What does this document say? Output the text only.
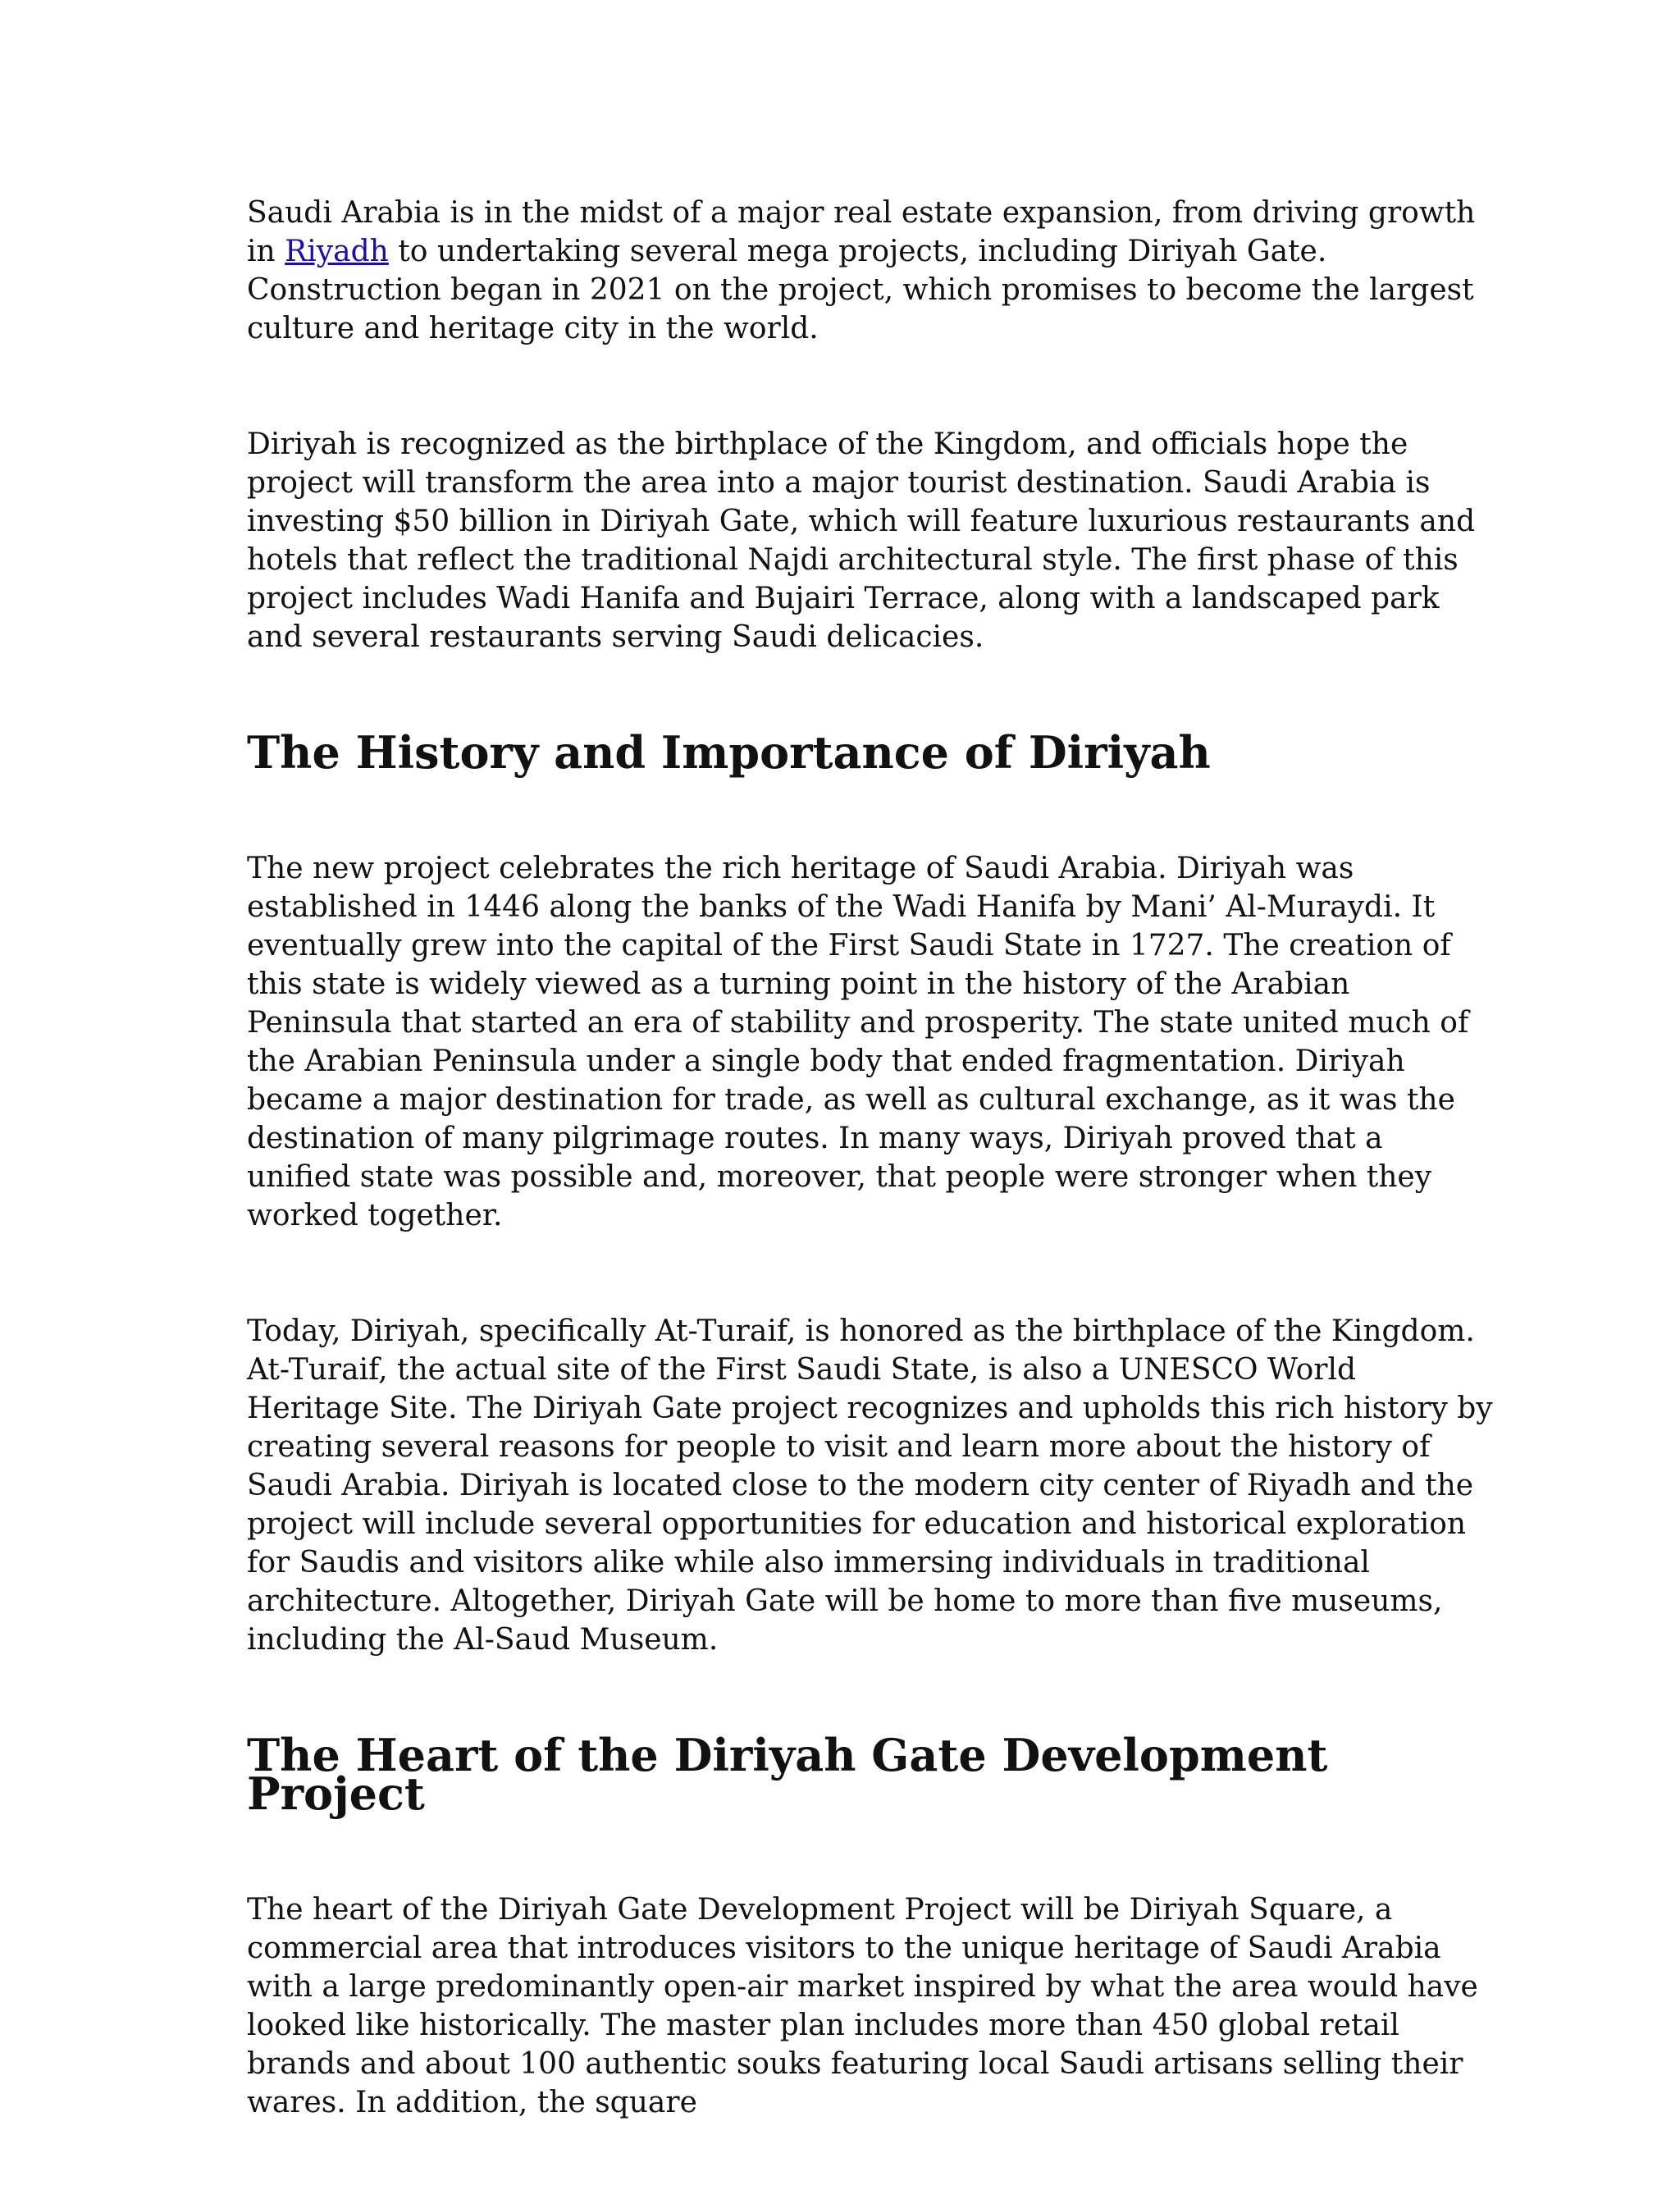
Saudi Arabia is in the midst of a major real estate expansion, from driving growth in Riyadh to undertaking several mega projects, including Diriyah Gate. Construction began in 2021 on the project, which promises to become the largest culture and heritage city in the world.

Diriyah is recognized as the birthplace of the Kingdom, and officials hope the project will transform the area into a major tourist destination. Saudi Arabia is investing $50 billion in Diriyah Gate, which will feature luxurious restaurants and hotels that reflect the traditional Najdi architectural style. The first phase of this project includes Wadi Hanifa and Bujairi Terrace, along with a landscaped park and several restaurants serving Saudi delicacies.

The History and Importance of Diriyah

The new project celebrates the rich heritage of Saudi Arabia. Diriyah was established in 1446 along the banks of the Wadi Hanifa by Mani’ Al-Muraydi. It eventually grew into the capital of the First Saudi State in 1727. The creation of this state is widely viewed as a turning point in the history of the Arabian Peninsula that started an era of stability and prosperity. The state united much of the Arabian Peninsula under a single body that ended fragmentation. Diriyah became a major destination for trade, as well as cultural exchange, as it was the destination of many pilgrimage routes. In many ways, Diriyah proved that a unified state was possible and, moreover, that people were stronger when they worked together.

Today, Diriyah, specifically At-Turaif, is honored as the birthplace of the Kingdom. At-Turaif, the actual site of the First Saudi State, is also a UNESCO World Heritage Site. The Diriyah Gate project recognizes and upholds this rich history by creating several reasons for people to visit and learn more about the history of Saudi Arabia. Diriyah is located close to the modern city center of Riyadh and the project will include several opportunities for education and historical exploration for Saudis and visitors alike while also immersing individuals in traditional architecture. Altogether, Diriyah Gate will be home to more than five museums, including the Al-Saud Museum.

The Heart of the Diriyah Gate Development Project

The heart of the Diriyah Gate Development Project will be Diriyah Square, a commercial area that introduces visitors to the unique heritage of Saudi Arabia with a large predominantly open-air market inspired by what the area would have looked like historically. The master plan includes more than 450 global retail brands and about 100 authentic souks featuring local Saudi artisans selling their wares. In addition, the square
